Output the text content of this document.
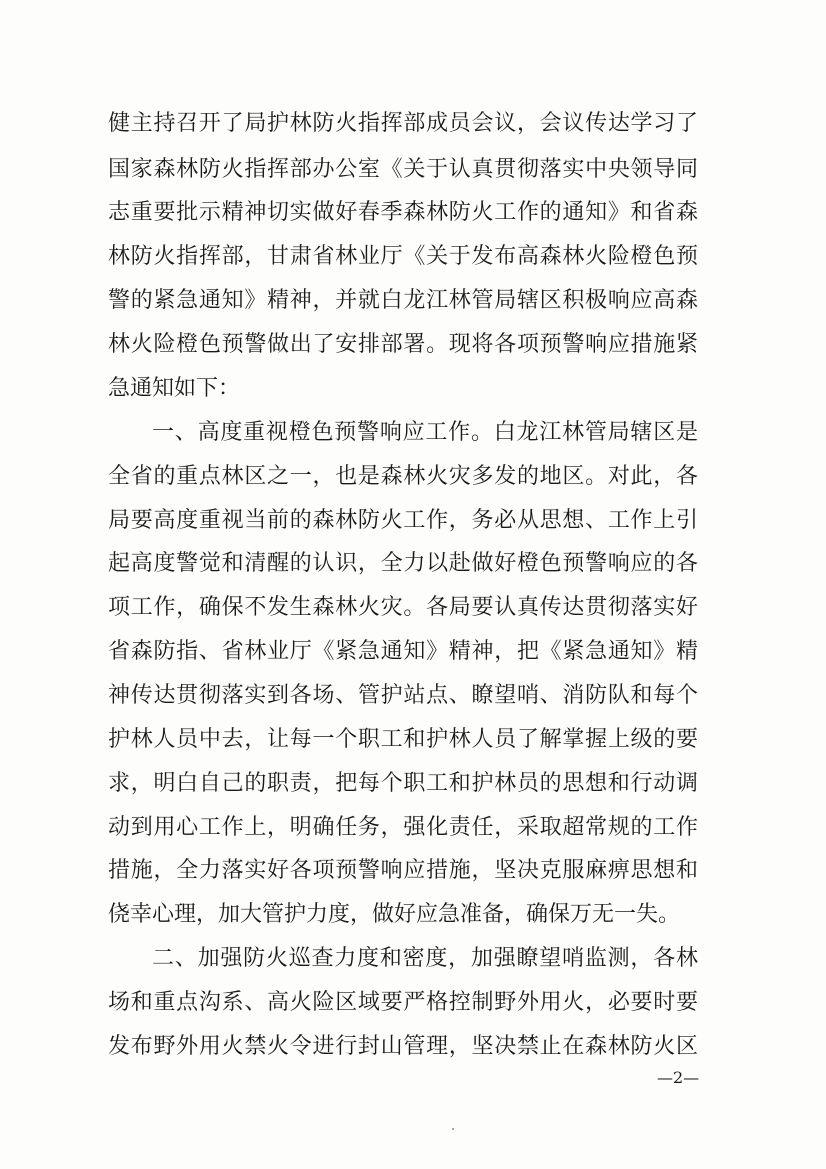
健主持召开了局护林防火指挥部成员会议，会议传达学习了
国家森林防火指挥部办公室《关于认真贯彻落实中央领导同
志重要批示精神切实做好春季森林防火工作的通知》和省森
林防火指挥部，甘肃省林业厅《关于发布高森林火险橙色预
警的紧急通知》精神，并就白龙江林管局辖区积极响应高森
林火险橙色预警做出了安排部署。现将各项预警响应措施紧
急通知如下：
一、高度重视橙色预警响应工作。白龙江林管局辖区是
全省的重点林区之一，也是森林火灾多发的地区。对此，各
局要高度重视当前的森林防火工作，务必从思想、工作上引
起高度警觉和清醒的认识，全力以赴做好橙色预警响应的各
项工作，确保不发生森林火灾。各局要认真传达贯彻落实好
省森防指、省林业厅《紧急通知》精神，把《紧急通知》精
神传达贯彻落实到各场、管护站点、瞭望哨、消防队和每个
护林人员中去，让每一个职工和护林人员了解掌握上级的要
求，明白自己的职责，把每个职工和护林员的思想和行动调
动到用心工作上，明确任务，强化责任，采取超常规的工作
措施，全力落实好各项预警响应措施，坚决克服麻痹思想和
侥幸心理，加大管护力度，做好应急准备，确保万无一失。
二、加强防火巡查力度和密度，加强瞭望哨监测，各林
场和重点沟系、高火险区域要严格控制野外用火，必要时要
发布野外用火禁火令进行封山管理，坚决禁止在森林防火区
—2—
